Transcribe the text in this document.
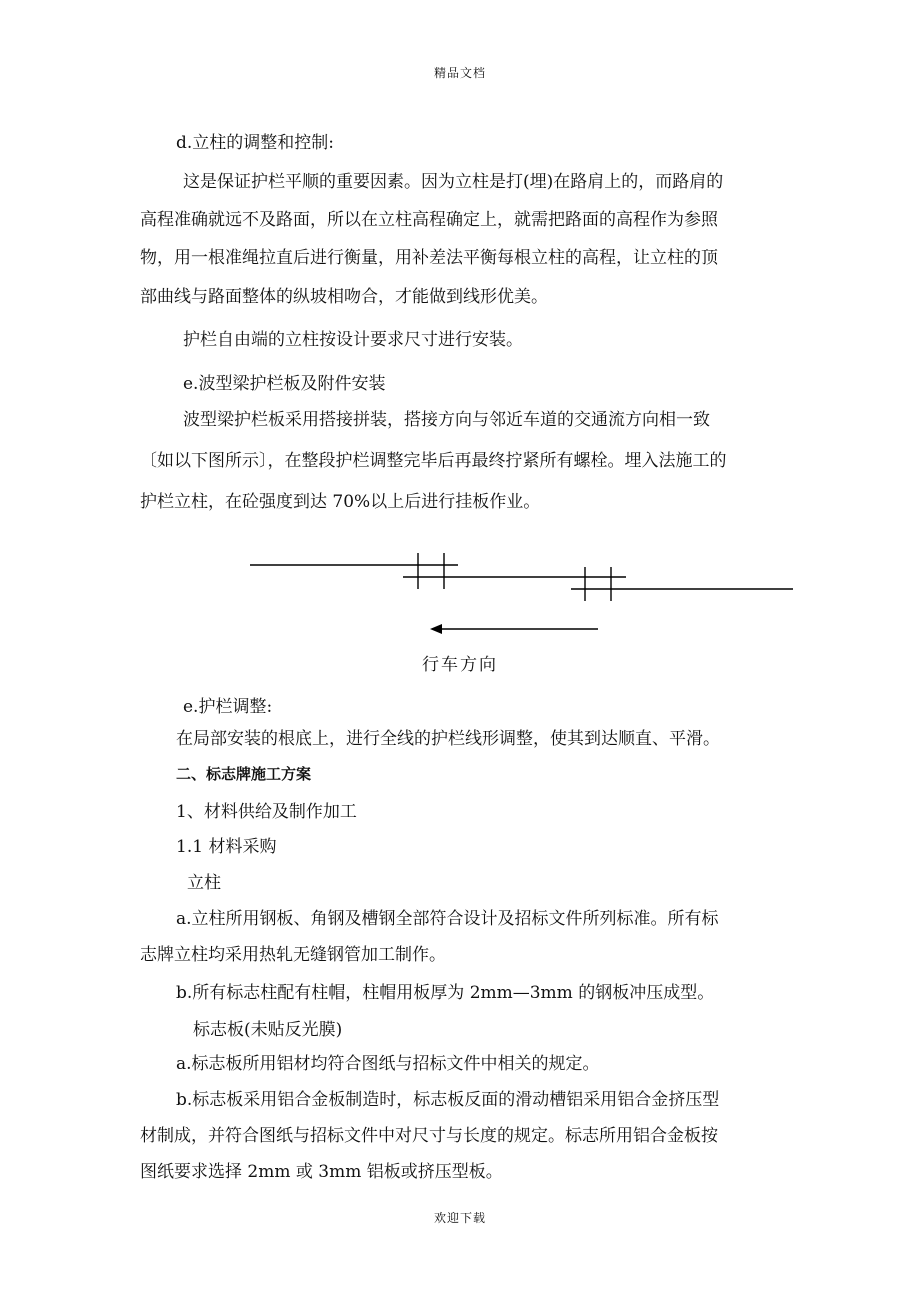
精品文档
d.立柱的调整和控制:
这是保证护栏平顺的重要因素。因为立柱是打(埋)在路肩上的，而路肩的
高程准确就远不及路面，所以在立柱高程确定上，就需把路面的高程作为参照
物，用一根准绳拉直后进行衡量，用补差法平衡每根立柱的高程，让立柱的顶
部曲线与路面整体的纵坡相吻合，才能做到线形优美。
护栏自由端的立柱按设计要求尺寸进行安装。
e.波型梁护栏板及附件安装
波型梁护栏板采用搭接拼装，搭接方向与邻近车道的交通流方向相一致
〔如以下图所示〕，在整段护栏调整完毕后再最终拧紧所有螺栓。埋入法施工的
护栏立柱，在砼强度到达 70%以上后进行挂板作业。
行车方向
e.护栏调整:
在局部安装的根底上，进行全线的护栏线形调整，使其到达顺直、平滑。
二、标志牌施工方案
1、材料供给及制作加工
1.1 材料采购
立柱
a.立柱所用钢板、角钢及槽钢全部符合设计及招标文件所列标准。所有标
志牌立柱均采用热轧无缝钢管加工制作。
b.所有标志柱配有柱帽，柱帽用板厚为 2mm—3mm 的钢板冲压成型。
标志板(未贴反光膜)
a.标志板所用铝材均符合图纸与招标文件中相关的规定。
b.标志板采用铝合金板制造时，标志板反面的滑动槽铝采用铝合金挤压型
材制成，并符合图纸与招标文件中对尺寸与长度的规定。标志所用铝合金板按
图纸要求选择 2mm 或 3mm 铝板或挤压型板。
欢迎下载
